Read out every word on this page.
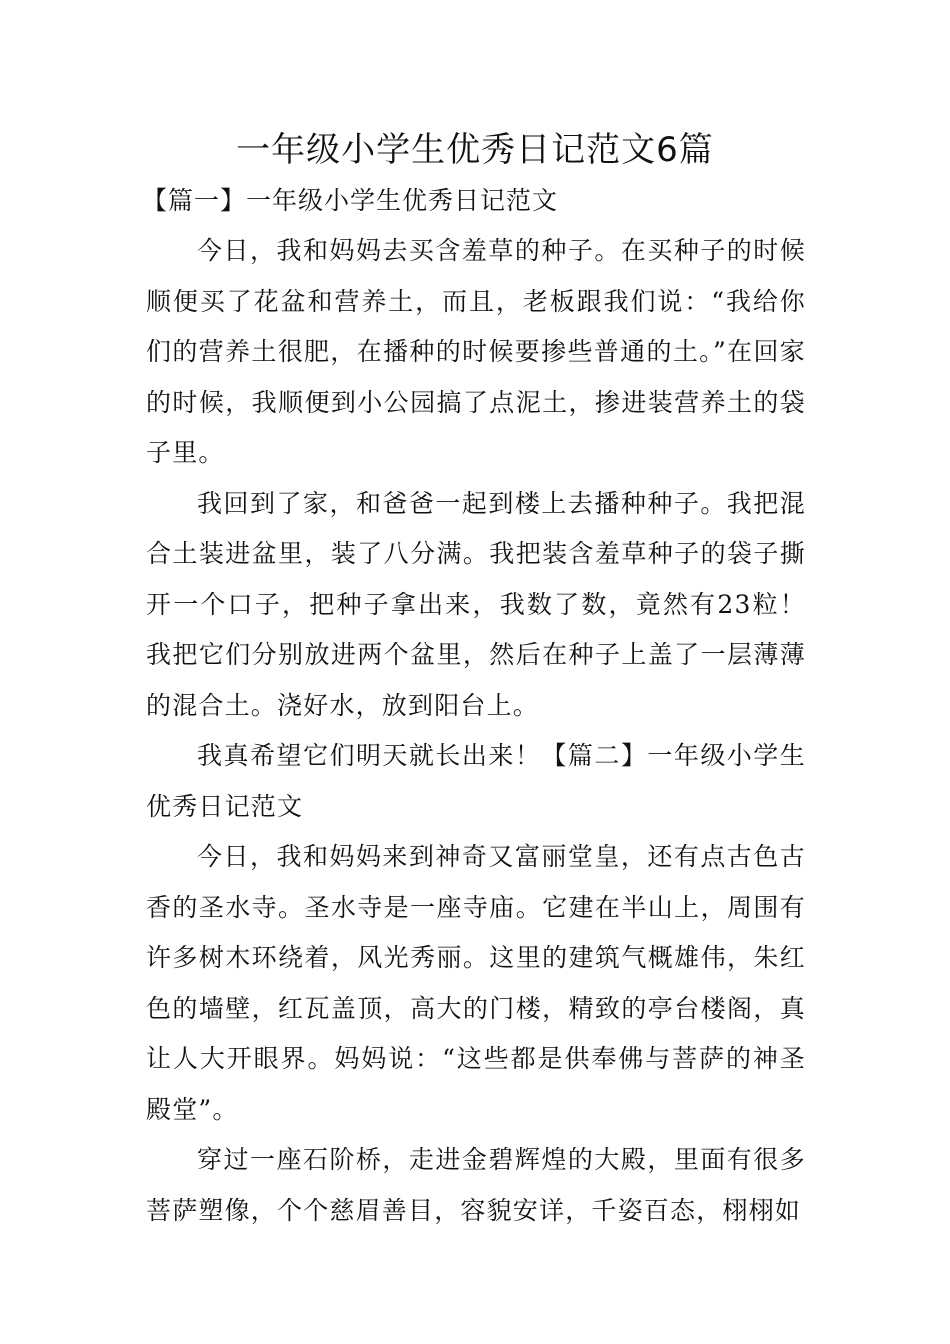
一年级小学生优秀日记范文6篇

【篇一】一年级小学生优秀日记范文

今日，我和妈妈去买含羞草的种子。在买种子的时候顺便买了花盆和营养土，而且，老板跟我们说：“我给你们的营养土很肥，在播种的时候要掺些普通的土。”在回家的时候，我顺便到小公园搞了点泥土，掺进装营养土的袋子里。

我回到了家，和爸爸一起到楼上去播种种子。我把混合土装进盆里，装了八分满。我把装含羞草种子的袋子撕开一个口子，把种子拿出来，我数了数，竟然有23粒！我把它们分别放进两个盆里，然后在种子上盖了一层薄薄的混合土。浇好水，放到阳台上。

我真希望它们明天就长出来！【篇二】一年级小学生优秀日记范文

今日，我和妈妈来到神奇又富丽堂皇，还有点古色古香的圣水寺。圣水寺是一座寺庙。它建在半山上，周围有许多树木环绕着，风光秀丽。这里的建筑气概雄伟，朱红色的墙壁，红瓦盖顶，高大的门楼，精致的亭台楼阁，真让人大开眼界。妈妈说：“这些都是供奉佛与菩萨的神圣殿堂”。

穿过一座石阶桥，走进金碧辉煌的大殿，里面有很多菩萨塑像，个个慈眉善目，容貌安详，千姿百态，栩栩如
